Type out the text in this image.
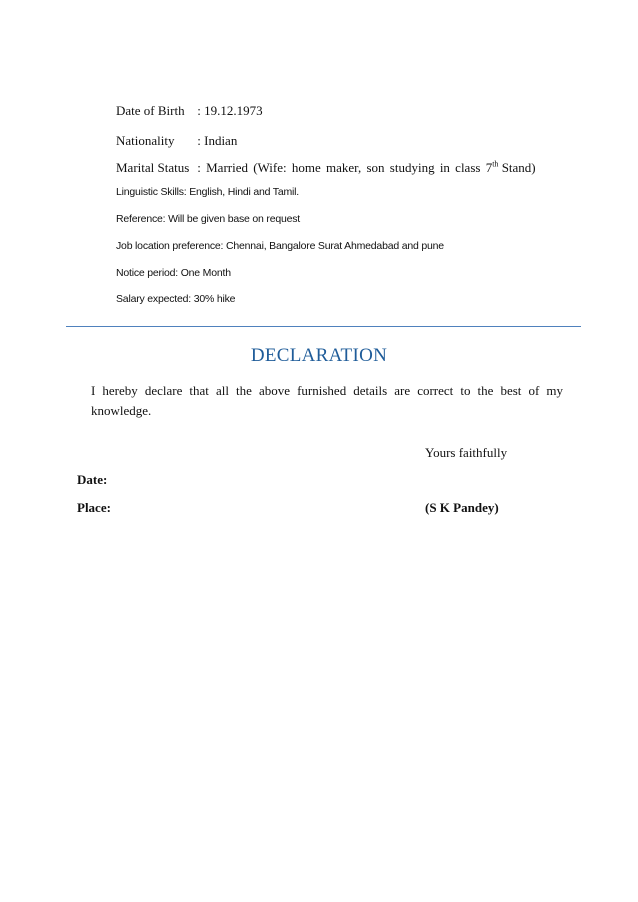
Date of Birth : 19.12.1973
Nationality : Indian
Marital Status : Married (Wife: home maker, son studying in class 7th Stand)
Linguistic Skills: English, Hindi and Tamil.
Reference: Will be given base on request
Job location preference: Chennai, Bangalore Surat Ahmedabad and pune
Notice period: One Month
Salary expected: 30% hike
DECLARATION
I hereby declare that all the above furnished details are correct to the best of my knowledge.
Yours faithfully
Date:
Place:	(S K Pandey)
